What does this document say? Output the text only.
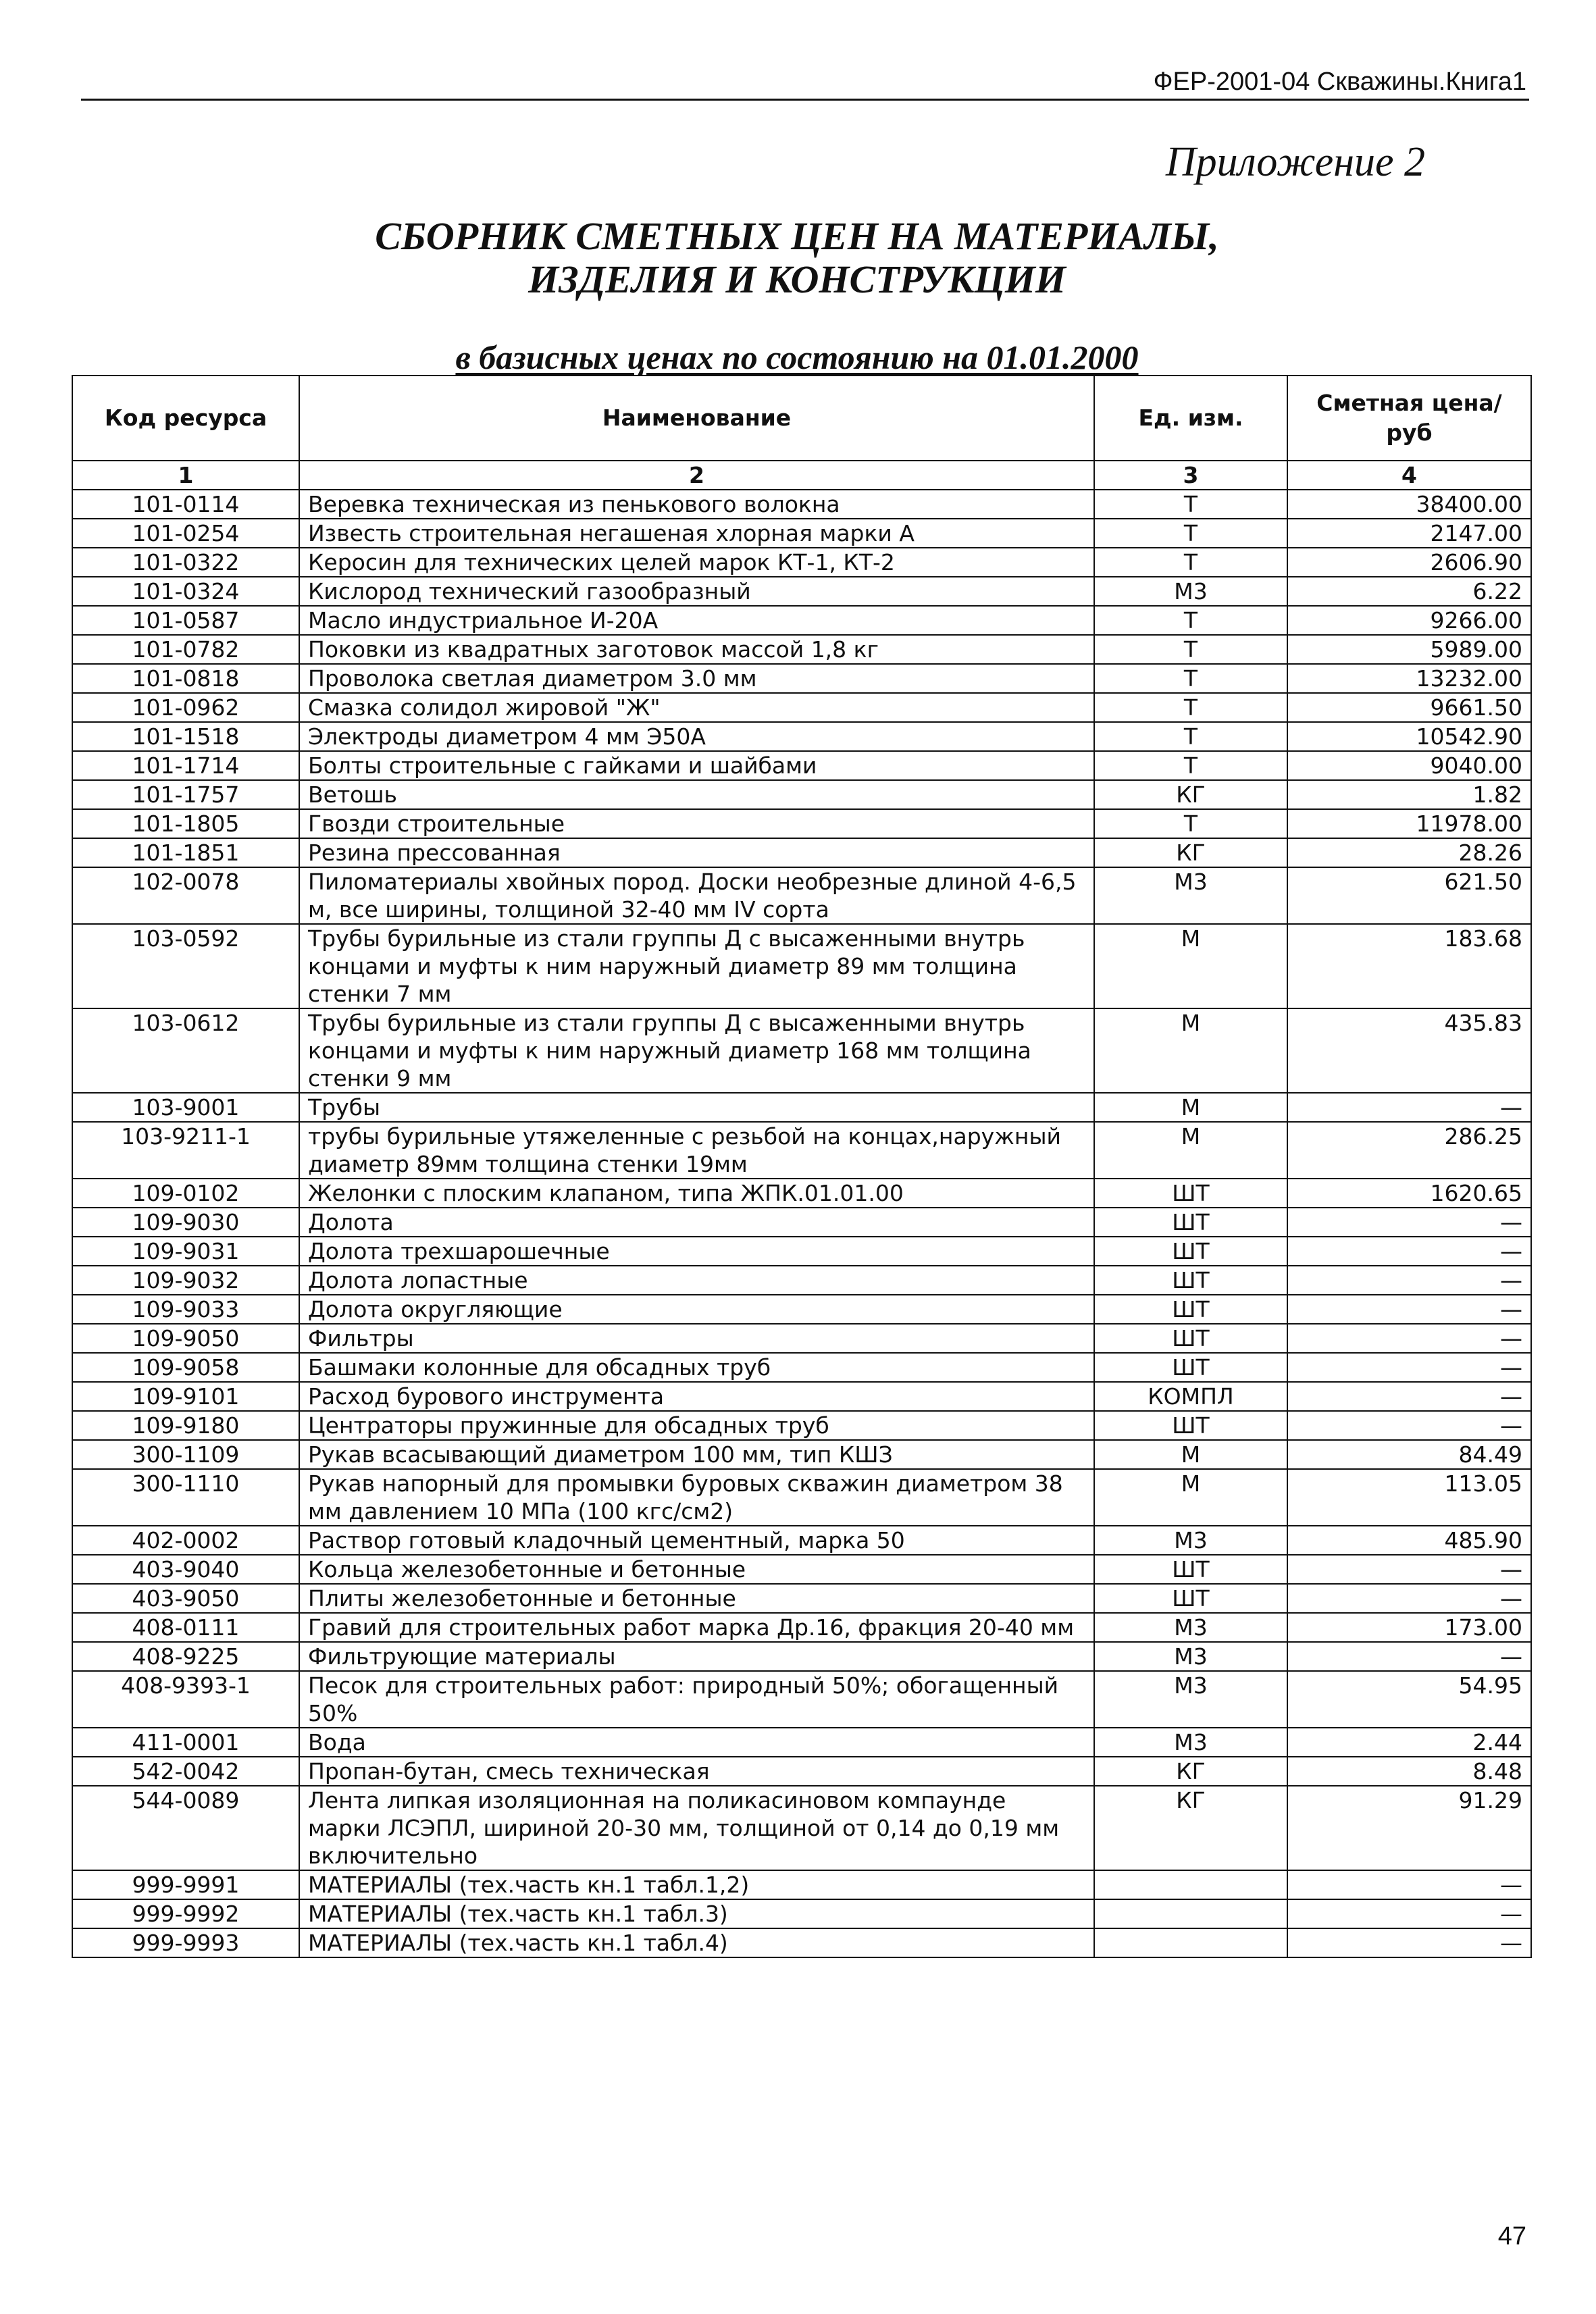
ФЕР-2001-04 Скважины.Книга1
Приложение 2
СБОРНИК СМЕТНЫХ ЦЕН НА МАТЕРИАЛЫ,
ИЗДЕЛИЯ И КОНСТРУКЦИИ
в базисных ценах по состоянию на 01.01.2000
Код ресурса	Наименование	Ед. изм.	Сметная цена/руб
1	2	3	4
101-0114	Веревка техническая из пенькового волокна	Т	38400.00
101-0254	Известь строительная негашеная хлорная марки А	Т	2147.00
101-0322	Керосин для технических целей марок КТ-1, КТ-2	Т	2606.90
101-0324	Кислород технический газообразный	М3	6.22
101-0587	Масло индустриальное И-20А	Т	9266.00
101-0782	Поковки из квадратных заготовок массой 1,8 кг	Т	5989.00
101-0818	Проволока светлая диаметром 3.0 мм	Т	13232.00
101-0962	Смазка солидол жировой "Ж"	Т	9661.50
101-1518	Электроды диаметром 4 мм Э50А	Т	10542.90
101-1714	Болты строительные с гайками и шайбами	Т	9040.00
101-1757	Ветошь	КГ	1.82
101-1805	Гвозди строительные	Т	11978.00
101-1851	Резина прессованная	КГ	28.26
102-0078	Пиломатериалы хвойных пород. Доски необрезные длиной 4-6,5 м, все ширины, толщиной 32-40 мм IV сорта	М3	621.50
103-0592	Трубы бурильные из стали группы Д с высаженными внутрь концами и муфты к ним наружный диаметр 89 мм толщина стенки 7 мм	М	183.68
103-0612	Трубы бурильные из стали группы Д с высаженными внутрь концами и муфты к ним наружный диаметр 168 мм толщина стенки 9 мм	М	435.83
103-9001	Трубы	М	—
103-9211-1	трубы бурильные утяжеленные с резьбой на концах,наружный диаметр 89мм толщина стенки 19мм	М	286.25
109-0102	Желонки с плоским клапаном, типа ЖПК.01.01.00	ШТ	1620.65
109-9030	Долота	ШТ	—
109-9031	Долота трехшарошечные	ШТ	—
109-9032	Долота лопастные	ШТ	—
109-9033	Долота округляющие	ШТ	—
109-9050	Фильтры	ШТ	—
109-9058	Башмаки колонные для обсадных труб	ШТ	—
109-9101	Расход бурового инструмента	КОМПЛ	—
109-9180	Центраторы пружинные для обсадных труб	ШТ	—
300-1109	Рукав всасывающий диаметром 100 мм, тип КШЗ	М	84.49
300-1110	Рукав напорный для промывки буровых скважин диаметром 38 мм давлением 10 МПа (100 кгс/см2)	М	113.05
402-0002	Раствор готовый кладочный цементный, марка 50	М3	485.90
403-9040	Кольца железобетонные и бетонные	ШТ	—
403-9050	Плиты железобетонные и бетонные	ШТ	—
408-0111	Гравий для строительных работ марка Др.16, фракция 20-40 мм	М3	173.00
408-9225	Фильтрующие материалы	М3	—
408-9393-1	Песок для строительных работ: природный 50%; обогащенный 50%	М3	54.95
411-0001	Вода	М3	2.44
542-0042	Пропан-бутан, смесь техническая	КГ	8.48
544-0089	Лента липкая изоляционная на поликасиновом компаунде марки ЛСЭПЛ, шириной 20-30 мм, толщиной от 0,14 до 0,19 мм включительно	КГ	91.29
999-9991	МАТЕРИАЛЫ (тех.часть кн.1 табл.1,2)		—
999-9992	МАТЕРИАЛЫ (тех.часть кн.1 табл.3)		—
999-9993	МАТЕРИАЛЫ (тех.часть кн.1 табл.4)		—
47
